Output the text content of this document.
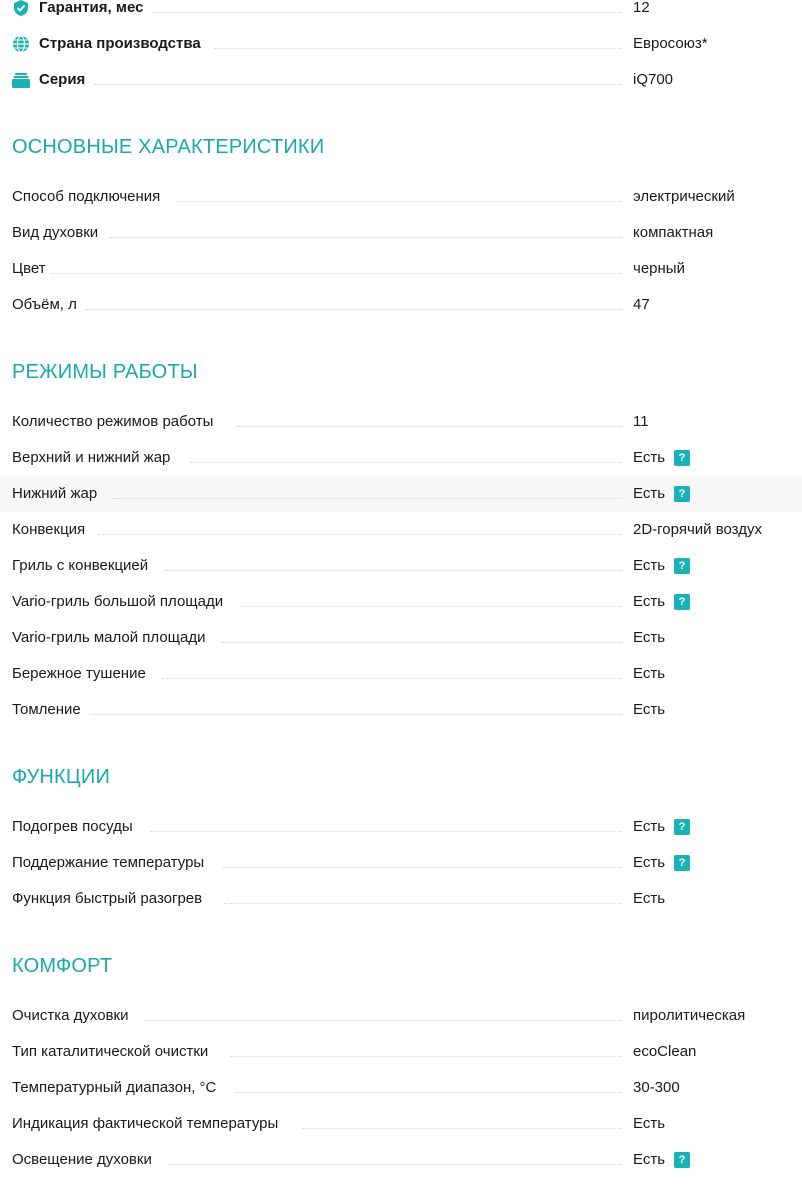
Гарантия, мес	12
Страна производства	Евросоюз*
Серия	iQ700
ОСНОВНЫЕ ХАРАКТЕРИСТИКИ
Способ подключения	электрический
Вид духовки	компактная
Цвет	черный
Объём, л	47
РЕЖИМЫ РАБОТЫ
Количество режимов работы	11
Верхний и нижний жар	Есть ?
Нижний жар	Есть ?
Конвекция	2D-горячий воздух
Гриль с конвекцией	Есть ?
Vario-гриль большой площади	Есть ?
Vario-гриль малой площади	Есть
Бережное тушение	Есть
Томление	Есть
ФУНКЦИИ
Подогрев посуды	Есть ?
Поддержание температуры	Есть ?
Функция быстрый разогрев	Есть
КОМФОРТ
Очистка духовки	пиролитическая
Тип каталитической очистки	ecoClean
Температурный диапазон, °C	30-300
Индикация фактической температуры	Есть
Освещение духовки	Есть ?
